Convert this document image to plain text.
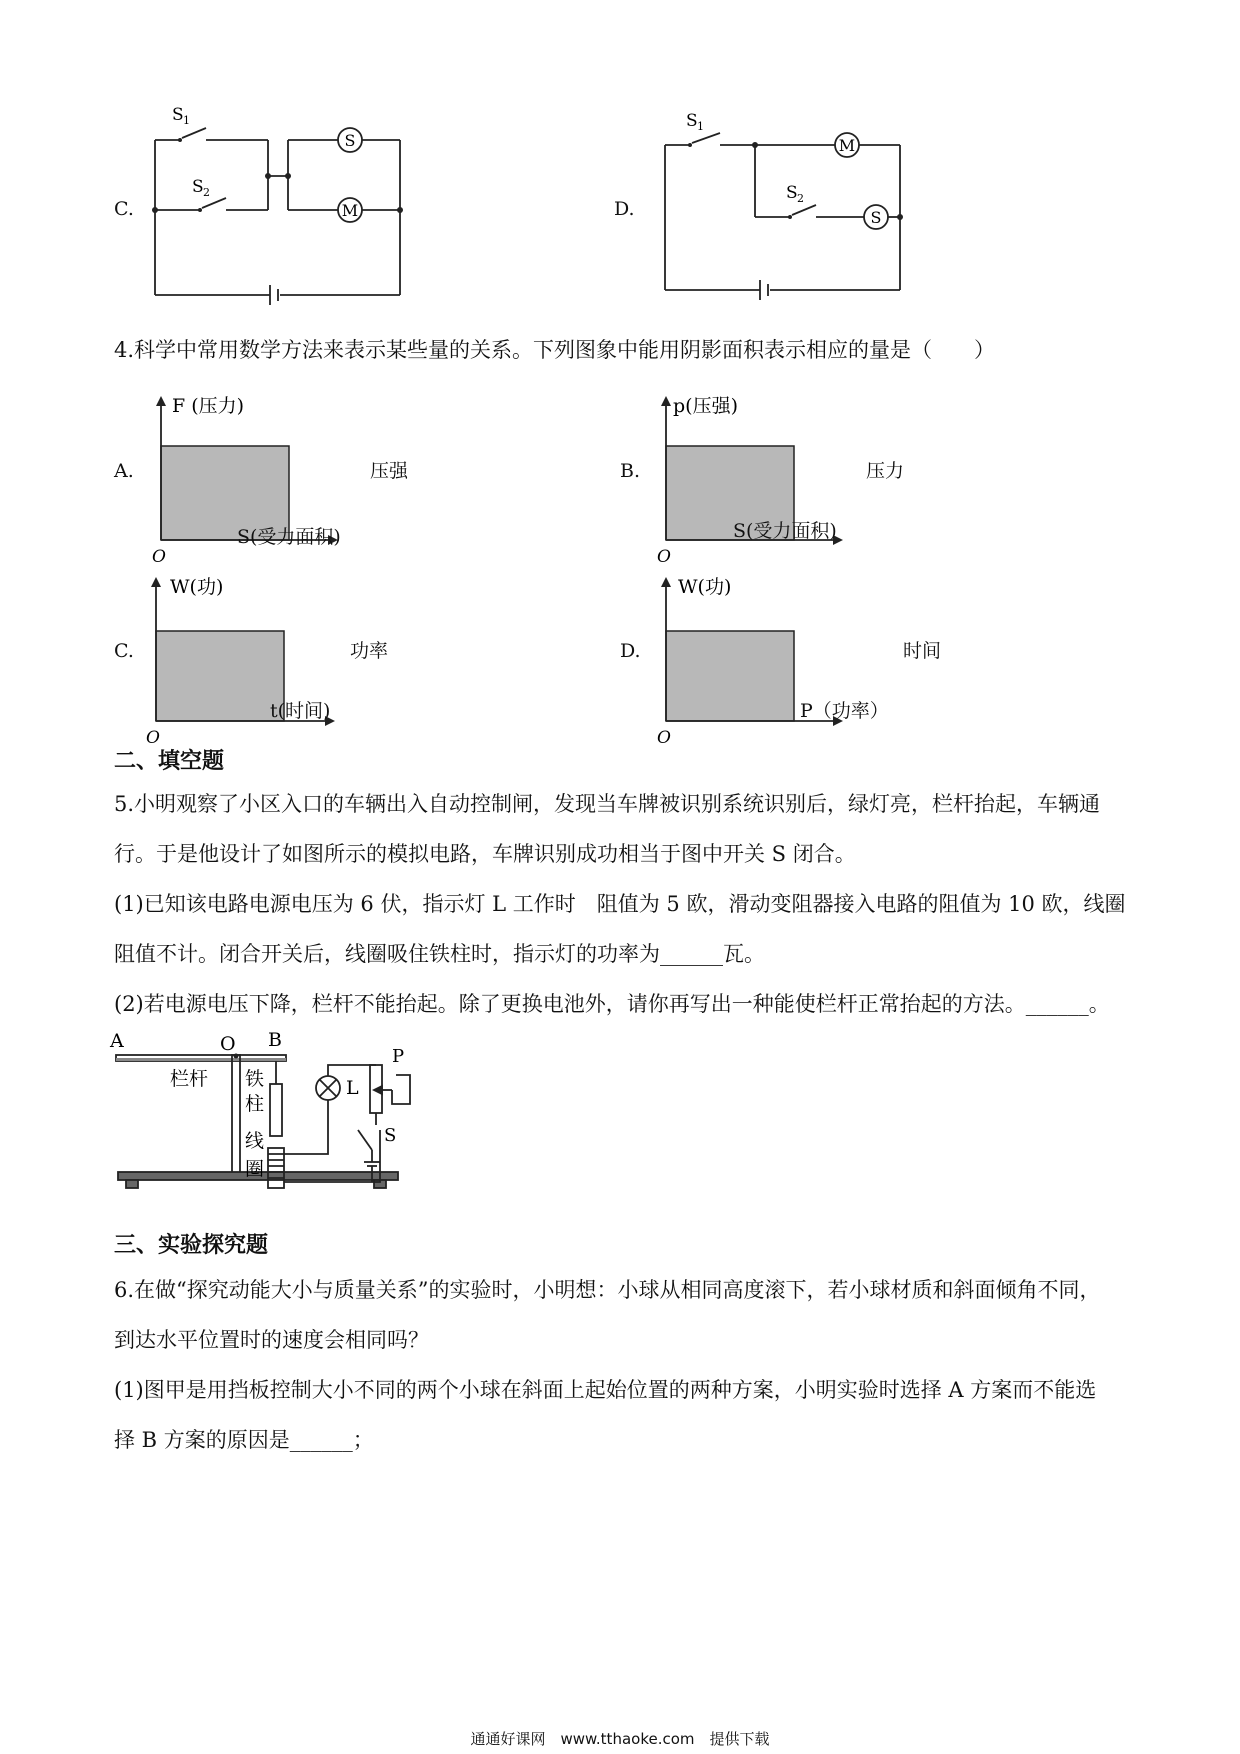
C.
S 1
S 2
S
M	D.
S 1
S 2
M
S
4.科学中常用数学方法来表示某些量的关系。下列图象中能用阴影面积表示相应的量是（　　）
A.
F (压力)
O
S(受力面积)
压强	B.
p(压强)
O
S(受力面积)
压力
C.
W(功)
O
t(时间)
功率	D.
W(功)
O
P（功率）
时间
二、填空题
5.小明观察了小区入口的车辆出入自动控制闸，发现当车牌被识别系统识别后，绿灯亮，栏杆抬起，车辆通
行。于是他设计了如图所示的模拟电路，车牌识别成功相当于图中开关 S 闭合。
(1)已知该电路电源电压为 6 伏，指示灯 L 工作时　阻值为 5 欧，滑动变阻器接入电路的阻值为 10 欧，线圈
阻值不计。闭合开关后，线圈吸住铁柱时，指示灯的功率为______瓦。
(2)若电源电压下降，栏杆不能抬起。除了更换电池外，请你再写出一种能使栏杆正常抬起的方法。______。
A	O B
栏杆 铁
柱
线
圈
L
P
S
三、实验探究题
6.在做“探究动能大小与质量关系”的实验时，小明想：小球从相同高度滚下，若小球材质和斜面倾角不同，
到达水平位置时的速度会相同吗？
(1)图甲是用挡板控制大小不同的两个小球在斜面上起始位置的两种方案，小明实验时选择 A 方案而不能选
择 B 方案的原因是______；
通通好课网　www.tthaoke.com　提供下载
